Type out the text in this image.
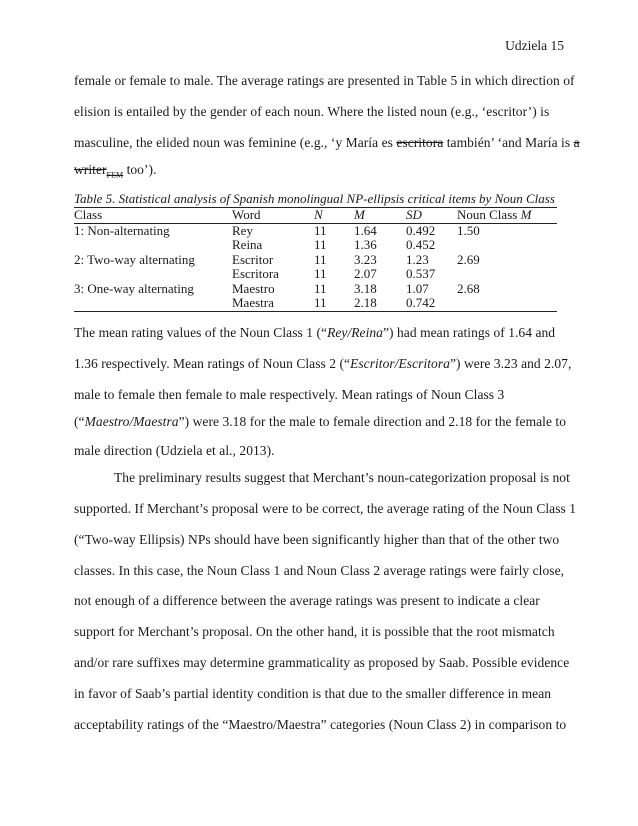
Udziela 15
female or female to male. The average ratings are presented in Table 5 in which direction of
elision is entailed by the gender of each noun. Where the listed noun (e.g., ‘escritor’) is
masculine, the elided noun was feminine (e.g., ‘y María es escritora también’ ‘and María is a
writer$_{FEM}$ too’).
Table 5. Statistical analysis of Spanish monolingual NP-ellipsis critical items by Noun Class
Class	Word	N	M	SD	Noun Class M
1: Non-alternating	Rey	11	1.64	0.492	1.50
	Reina	11	1.36	0.452	
2: Two-way alternating	Escritor	11	3.23	1.23	2.69
	Escritora	11	2.07	0.537	
3: One-way alternating	Maestro	11	3.18	1.07	2.68
	Maestra	11	2.18	0.742	
The mean rating values of the Noun Class 1 (“Rey/Reina”) had mean ratings of 1.64 and
1.36 respectively. Mean ratings of Noun Class 2 (“Escritor/Escritora”) were 3.23 and 2.07,
male to female then female to male respectively. Mean ratings of Noun Class 3
(“Maestro/Maestra”) were 3.18 for the male to female direction and 2.18 for the female to
male direction (Udziela et al., 2013).
The preliminary results suggest that Merchant’s noun-categorization proposal is not
supported. If Merchant’s proposal were to be correct, the average rating of the Noun Class 1
(“Two-way Ellipsis) NPs should have been significantly higher than that of the other two
classes. In this case, the Noun Class 1 and Noun Class 2 average ratings were fairly close,
not enough of a difference between the average ratings was present to indicate a clear
support for Merchant’s proposal. On the other hand, it is possible that the root mismatch
and/or rare suffixes may determine grammaticality as proposed by Saab. Possible evidence
in favor of Saab’s partial identity condition is that due to the smaller difference in mean
acceptability ratings of the “Maestro/Maestra” categories (Noun Class 2) in comparison to
